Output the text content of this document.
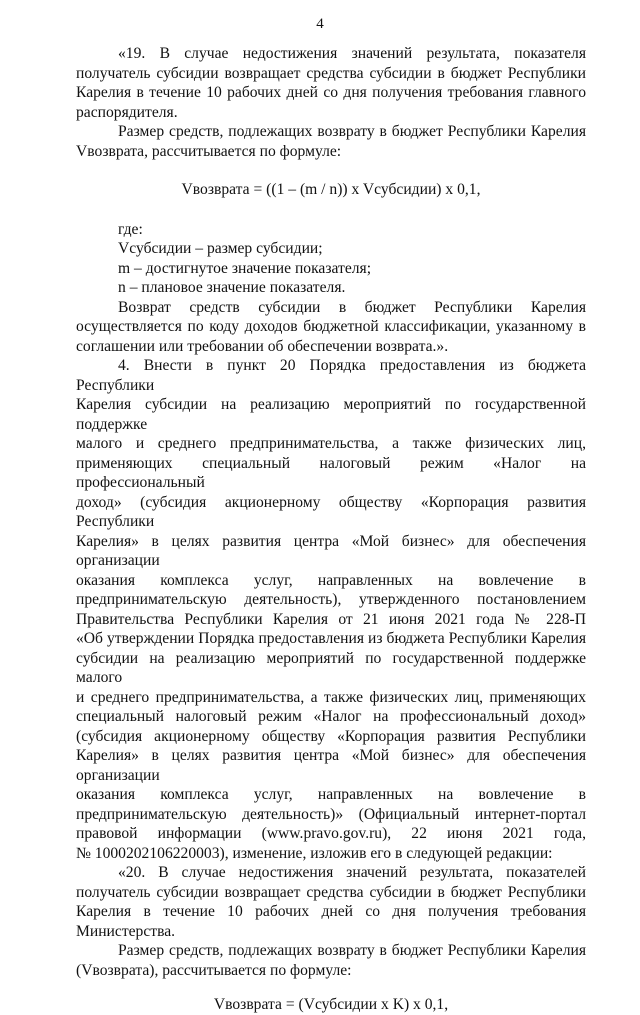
4

«19. В случае недостижения значений результата, показателя

получатель субсидии возвращает средства субсидии в бюджет Республики

Карелия в течение 10 рабочих дней со дня получения требования главного

распорядителя.

Размер средств, подлежащих возврату в бюджет Республики Карелия

Vвозврата, рассчитывается по формуле:

Vвозврата = ((1 – (m / n)) x Vсубсидии) x 0,1,

где:

Vсубсидии – размер субсидии;

m – достигнутое значение показателя;

n – плановое значение показателя.

Возврат средств субсидии в бюджет Республики Карелия

осуществляется по коду доходов бюджетной классификации, указанному в

соглашении или требовании об обеспечении возврата.».

4. Внести в пункт 20 Порядка предоставления из бюджета Республики

Карелия субсидии на реализацию мероприятий по государственной поддержке

малого и среднего предпринимательства, а также физических лиц,

применяющих специальный налоговый режим «Налог на профессиональный

доход» (субсидия акционерному обществу «Корпорация развития Республики

Карелия» в целях развития центра «Мой бизнес» для обеспечения организации

оказания комплекса услуг, направленных на вовлечение в

предпринимательскую деятельность), утвержденного постановлением

Правительства Республики Карелия от 21 июня 2021 года № 228-П

«Об утверждении Порядка предоставления из бюджета Республики Карелия

субсидии на реализацию мероприятий по государственной поддержке малого

и среднего предпринимательства, а также физических лиц, применяющих

специальный налоговый режим «Налог на профессиональный доход»

(субсидия акционерному обществу «Корпорация развития Республики

Карелия» в целях развития центра «Мой бизнес» для обеспечения организации

оказания комплекса услуг, направленных на вовлечение в

предпринимательскую деятельность)» (Официальный интернет-портал

правовой информации (www.pravo.gov.ru), 22 июня 2021 года,

№ 1000202106220003), изменение, изложив его в следующей редакции:

«20. В случае недостижения значений результата, показателей

получатель субсидии возвращает средства субсидии в бюджет Республики

Карелия в течение 10 рабочих дней со дня получения требования

Министерства.

Размер средств, подлежащих возврату в бюджет Республики Карелия

(Vвозврата), рассчитывается по формуле:

Vвозврата = (Vсубсидии x K) x 0,1,
